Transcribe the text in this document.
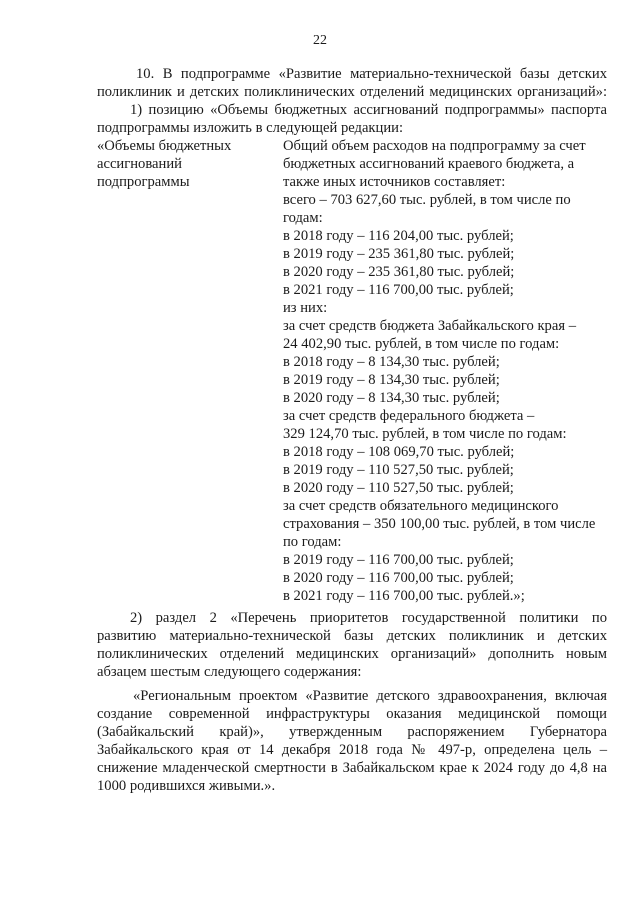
22
10. В подпрограмме «Развитие материально-технической базы детских
поликлиник и детских поликлинических отделений медицинских организаций»:
1) позицию «Объемы бюджетных ассигнований подпрограммы» паспорта
подпрограммы изложить в следующей редакции:
«Объемы бюджетных
ассигнований
подпрограммы
Общий объем расходов на подпрограмму за счет
бюджетных ассигнований краевого бюджета, а
также иных источников составляет:
всего – 703 627,60 тыс. рублей, в том числе по
годам:
в 2018 году – 116 204,00 тыс. рублей;
в 2019 году – 235 361,80 тыс. рублей;
в 2020 году – 235 361,80 тыс. рублей;
в 2021 году – 116 700,00 тыс. рублей;
из них:
за счет средств бюджета Забайкальского края –
24 402,90 тыс. рублей, в том числе по годам:
в 2018 году – 8 134,30 тыс. рублей;
в 2019 году – 8 134,30 тыс. рублей;
в 2020 году – 8 134,30 тыс. рублей;
за счет средств федерального бюджета –
329 124,70 тыс. рублей, в том числе по годам:
в 2018 году – 108 069,70 тыс. рублей;
в 2019 году – 110 527,50 тыс. рублей;
в 2020 году – 110 527,50 тыс. рублей;
за счет средств обязательного медицинского
страхования – 350 100,00 тыс. рублей, в том числе
по годам:
в 2019 году – 116 700,00 тыс. рублей;
в 2020 году – 116 700,00 тыс. рублей;
в 2021 году – 116 700,00 тыс. рублей.»;
2) раздел 2 «Перечень приоритетов государственной политики по
развитию материально-технической базы детских поликлиник и детских
поликлинических отделений медицинских организаций» дополнить новым
абзацем шестым следующего содержания:
«Региональным проектом «Развитие детского здравоохранения, включая
создание современной инфраструктуры оказания медицинской помощи
(Забайкальский край)», утвержденным распоряжением Губернатора
Забайкальского края от 14 декабря 2018 года № 497-р, определена цель –
снижение младенческой смертности в Забайкальском крае к 2024 году до 4,8 на
1000 родившихся живыми.».
